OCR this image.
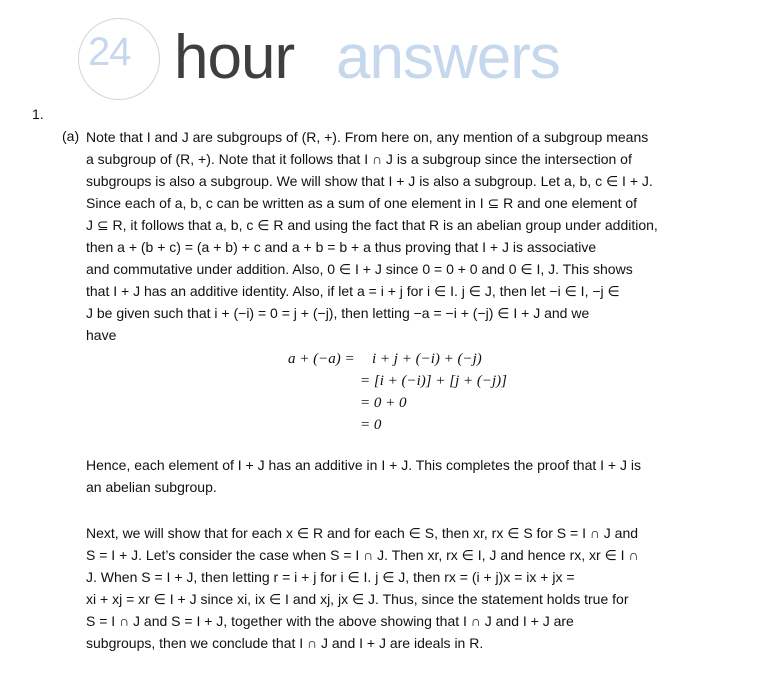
24 hour answers
1.
(a) Note that I and J are subgroups of (R, +). From here on, any mention of a subgroup means
a subgroup of (R, +). Note that it follows that I ∩ J is a subgroup since the intersection of
subgroups is also a subgroup. We will show that I + J is also a subgroup. Let a, b, c ∈ I + J.
Since each of a, b, c can be written as a sum of one element in I ⊆ R and one element of
J ⊆ R, it follows that a, b, c ∈ R and using the fact that R is an abelian group under addition,
then a + (b + c) = (a + b) + c and a + b = b + a thus proving that I + J is associative
and commutative under addition. Also, 0 ∈ I + J since 0 = 0 + 0 and 0 ∈ I, J. This shows
that I + J has an additive identity. Also, if let a = i + j for i ∈ I. j ∈ J, then let −i ∈ I, −j ∈
J be given such that i + (−i) = 0 = j + (−j), then letting −a = −i + (−j) ∈ I + J and we
have
a + (−a) = i + j + (−i) + (−j)
= [i + (−i)] + [j + (−j)]
= 0 + 0
= 0
Hence, each element of I + J has an additive in I + J. This completes the proof that I + J is
an abelian subgroup.
Next, we will show that for each x ∈ R and for each ∈ S, then xr, rx ∈ S for S = I ∩ J and
S = I + J. Let’s consider the case when S = I ∩ J. Then xr, rx ∈ I, J and hence rx, xr ∈ I ∩
J. When S = I + J, then letting r = i + j for i ∈ I. j ∈ J, then rx = (i + j)x = ix + jx =
xi + xj = xr ∈ I + J since xi, ix ∈ I and xj, jx ∈ J. Thus, since the statement holds true for
S = I ∩ J and S = I + J, together with the above showing that I ∩ J and I + J are
subgroups, then we conclude that I ∩ J and I + J are ideals in R.
